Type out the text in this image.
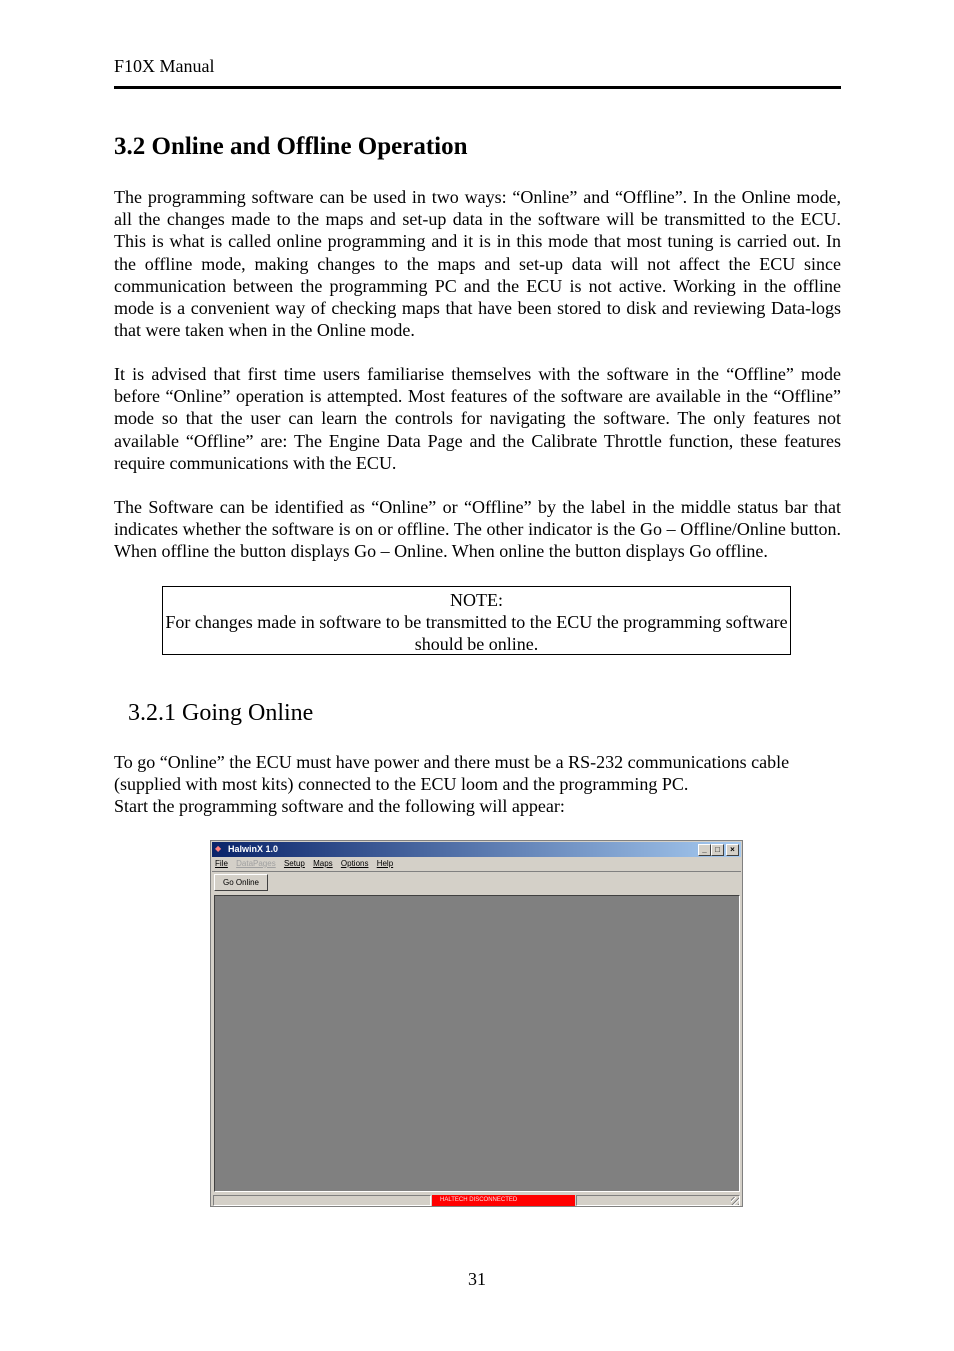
F10X Manual
3.2 Online and Offline Operation

The programming software can be used in two ways: “Online” and “Offline”. In the Online mode, all the changes made to the maps and set-up data in the software will be transmitted to the ECU. This is what is called online programming and it is in this mode that most tuning is carried out. In the offline mode, making changes to the maps and set-up data will not affect the ECU since communication between the programming PC and the ECU is not active. Working in the offline mode is a convenient way of checking maps that have been stored to disk and reviewing Data-logs that were taken when in the Online mode.

It is advised that first time users familiarise themselves with the software in the “Offline” mode before “Online” operation is attempted. Most features of the software are available in the “Offline” mode so that the user can learn the controls for navigating the software. The only features not available “Offline” are: The Engine Data Page and the Calibrate Throttle function, these features require communications with the ECU.

The Software can be identified as “Online” or “Offline” by the label in the middle status bar that indicates whether the software is on or offline. The other indicator is the Go – Offline/Online button. When offline the button displays Go – Online. When online the button displays Go offline.

NOTE:
For changes made in software to be transmitted to the ECU the programming software should be online.
3.2.1 Going Online
To go “Online” the ECU must have power and there must be a RS-232 communications cable
(supplied with most kits) connected to the ECU loom and the programming PC.
Start the programming software and the following will appear:
◆ HalwinX 1.0	_	□	×
File DataPages Setup Maps Options Help
Go Online
HALTECH DISCONNECTED
31
